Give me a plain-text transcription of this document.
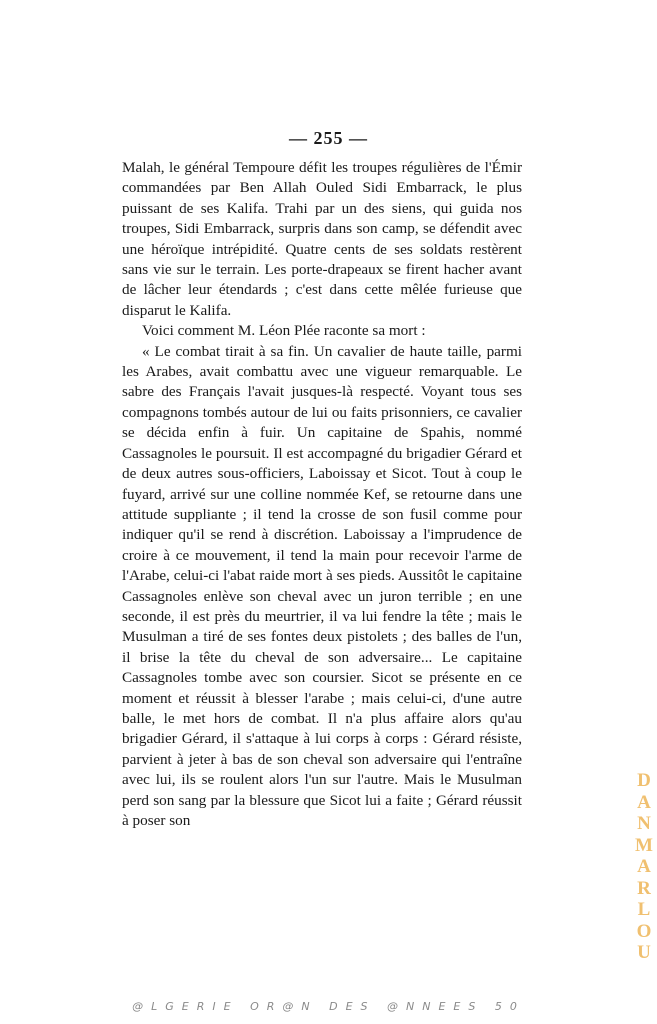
— 255 —

Malah, le général Tempoure défit les troupes régulières de l'Émir commandées par Ben Allah Ouled Sidi Embarrack, le plus puissant de ses Kalifa. Trahi par un des siens, qui guida nos troupes, Sidi Embarrack, surpris dans son camp, se défendit avec une héroïque intrépidité. Quatre cents de ses soldats restèrent sans vie sur le terrain. Les porte-drapeaux se firent hacher avant de lâcher leur étendards ; c'est dans cette mêlée furieuse que disparut le Kalifa.

Voici comment M. Léon Plée raconte sa mort :

« Le combat tirait à sa fin. Un cavalier de haute taille, parmi les Arabes, avait combattu avec une vigueur remarquable. Le sabre des Français l'avait jusques-là respecté. Voyant tous ses compagnons tombés autour de lui ou faits prisonniers, ce cavalier se décida enfin à fuir. Un capitaine de Spahis, nommé Cassagnoles le poursuit. Il est accompagné du brigadier Gérard et de deux autres sous-officiers, Laboissay et Sicot. Tout à coup le fuyard, arrivé sur une colline nommée Kef, se retourne dans une attitude suppliante ; il tend la crosse de son fusil comme pour indiquer qu'il se rend à discrétion. Laboissay a l'imprudence de croire à ce mouvement, il tend la main pour recevoir l'arme de l'Arabe, celui-ci l'abat raide mort à ses pieds. Aussitôt le capitaine Cassagnoles enlève son cheval avec un juron terrible ; en une seconde, il est près du meurtrier, il va lui fendre la tête ; mais le Musulman a tiré de ses fontes deux pistolets ; des balles de l'un, il brise la tête du cheval de son adversaire... Le capitaine Cassagnoles tombe avec son coursier. Sicot se présente en ce moment et réussit à blesser l'arabe ; mais celui-ci, d'une autre balle, le met hors de combat. Il n'a plus affaire alors qu'au brigadier Gérard, il s'attaque à lui corps à corps : Gérard résiste, parvient à jeter à bas de son cheval son adversaire qui l'entraîne avec lui, ils se roulent alors l'un sur l'autre. Mais le Musulman perd son sang par la blessure que Sicot lui a faite ; Gérard réussit à poser son

D
A
N
M
A
R
L
O
U
@LGERIE OR@N DES @NNEES 50
